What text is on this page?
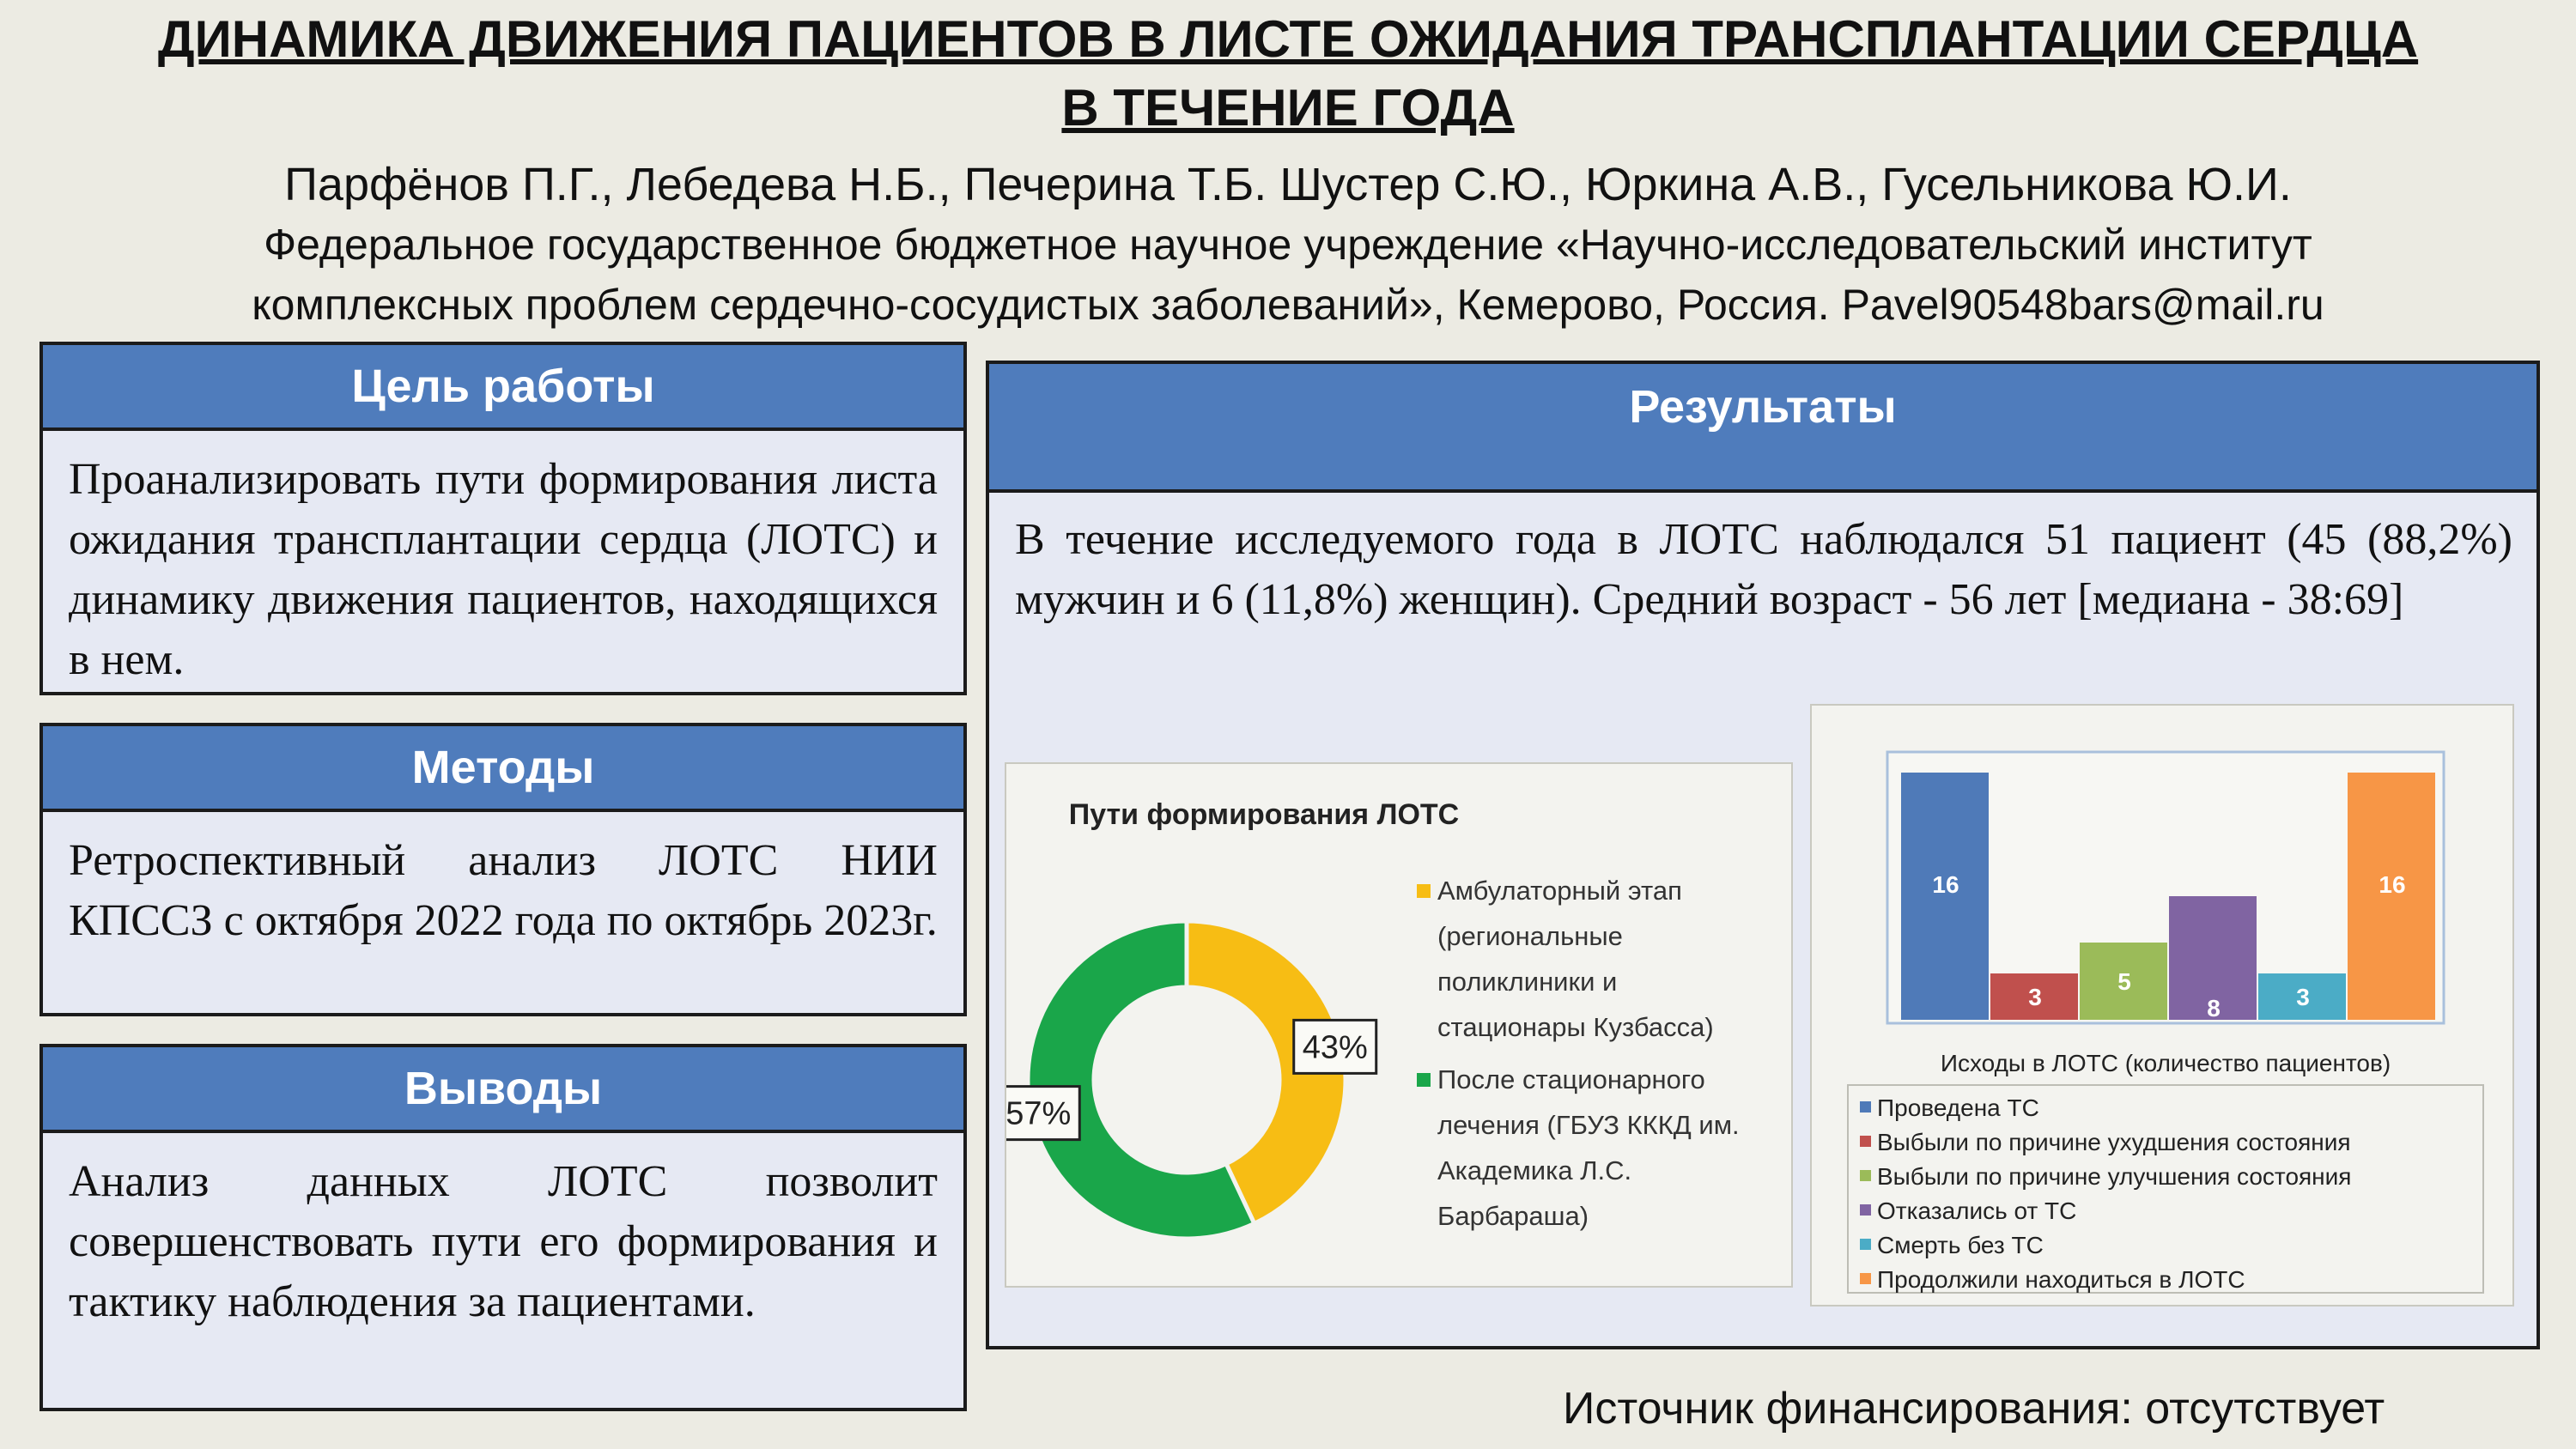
ДИНАМИКА ДВИЖЕНИЯ ПАЦИЕНТОВ В ЛИСТЕ ОЖИДАНИЯ ТРАНСПЛАНТАЦИИ СЕРДЦА
В ТЕЧЕНИЕ ГОДА
Парфёнов П.Г., Лебедева Н.Б., Печерина Т.Б. Шустер С.Ю., Юркина А.В., Гусельникова Ю.И.
Федеральное государственное бюджетное научное учреждение «Научно-исследовательский институт
комплексных проблем сердечно-сосудистых заболеваний», Кемерово, Россия. Pavel90548bars@mail.ru
Цель работы
Проанализировать пути формирования листа ожидания трансплантации сердца (ЛОТС) и динамику движения пациентов, находящихся в нем.
Методы
Ретроспективный анализ ЛОТС НИИ КПССЗ с октября 2022 года по октябрь 2023г.
Выводы
Анализ данных ЛОТС позволит совершенствовать пути его формирования и тактику наблюдения за пациентами.
Результаты
В течение исследуемого года в ЛОТС наблюдался 51 пациент (45 (88,2%) мужчин и 6 (11,8%) женщин). Средний возраст - 56 лет [медиана - 38:69]
Пути формирования ЛОТС
43%
57%
Амбулаторный этап
(региональные
поликлиники и
стационары Кузбасса)
После стационарного
лечения (ГБУЗ КККД им.
Академика Л.С.
Барбараша)
16
3
5
8	3
16
Исходы в ЛОТС (количество пациентов)
Проведена ТС
Выбыли по причине ухудшения состояния
Выбыли по причине улучшения состояния
Отказались от ТС
Смерть без ТС
Продолжили находиться в ЛОТС
Источник финансирования: отсутствует
